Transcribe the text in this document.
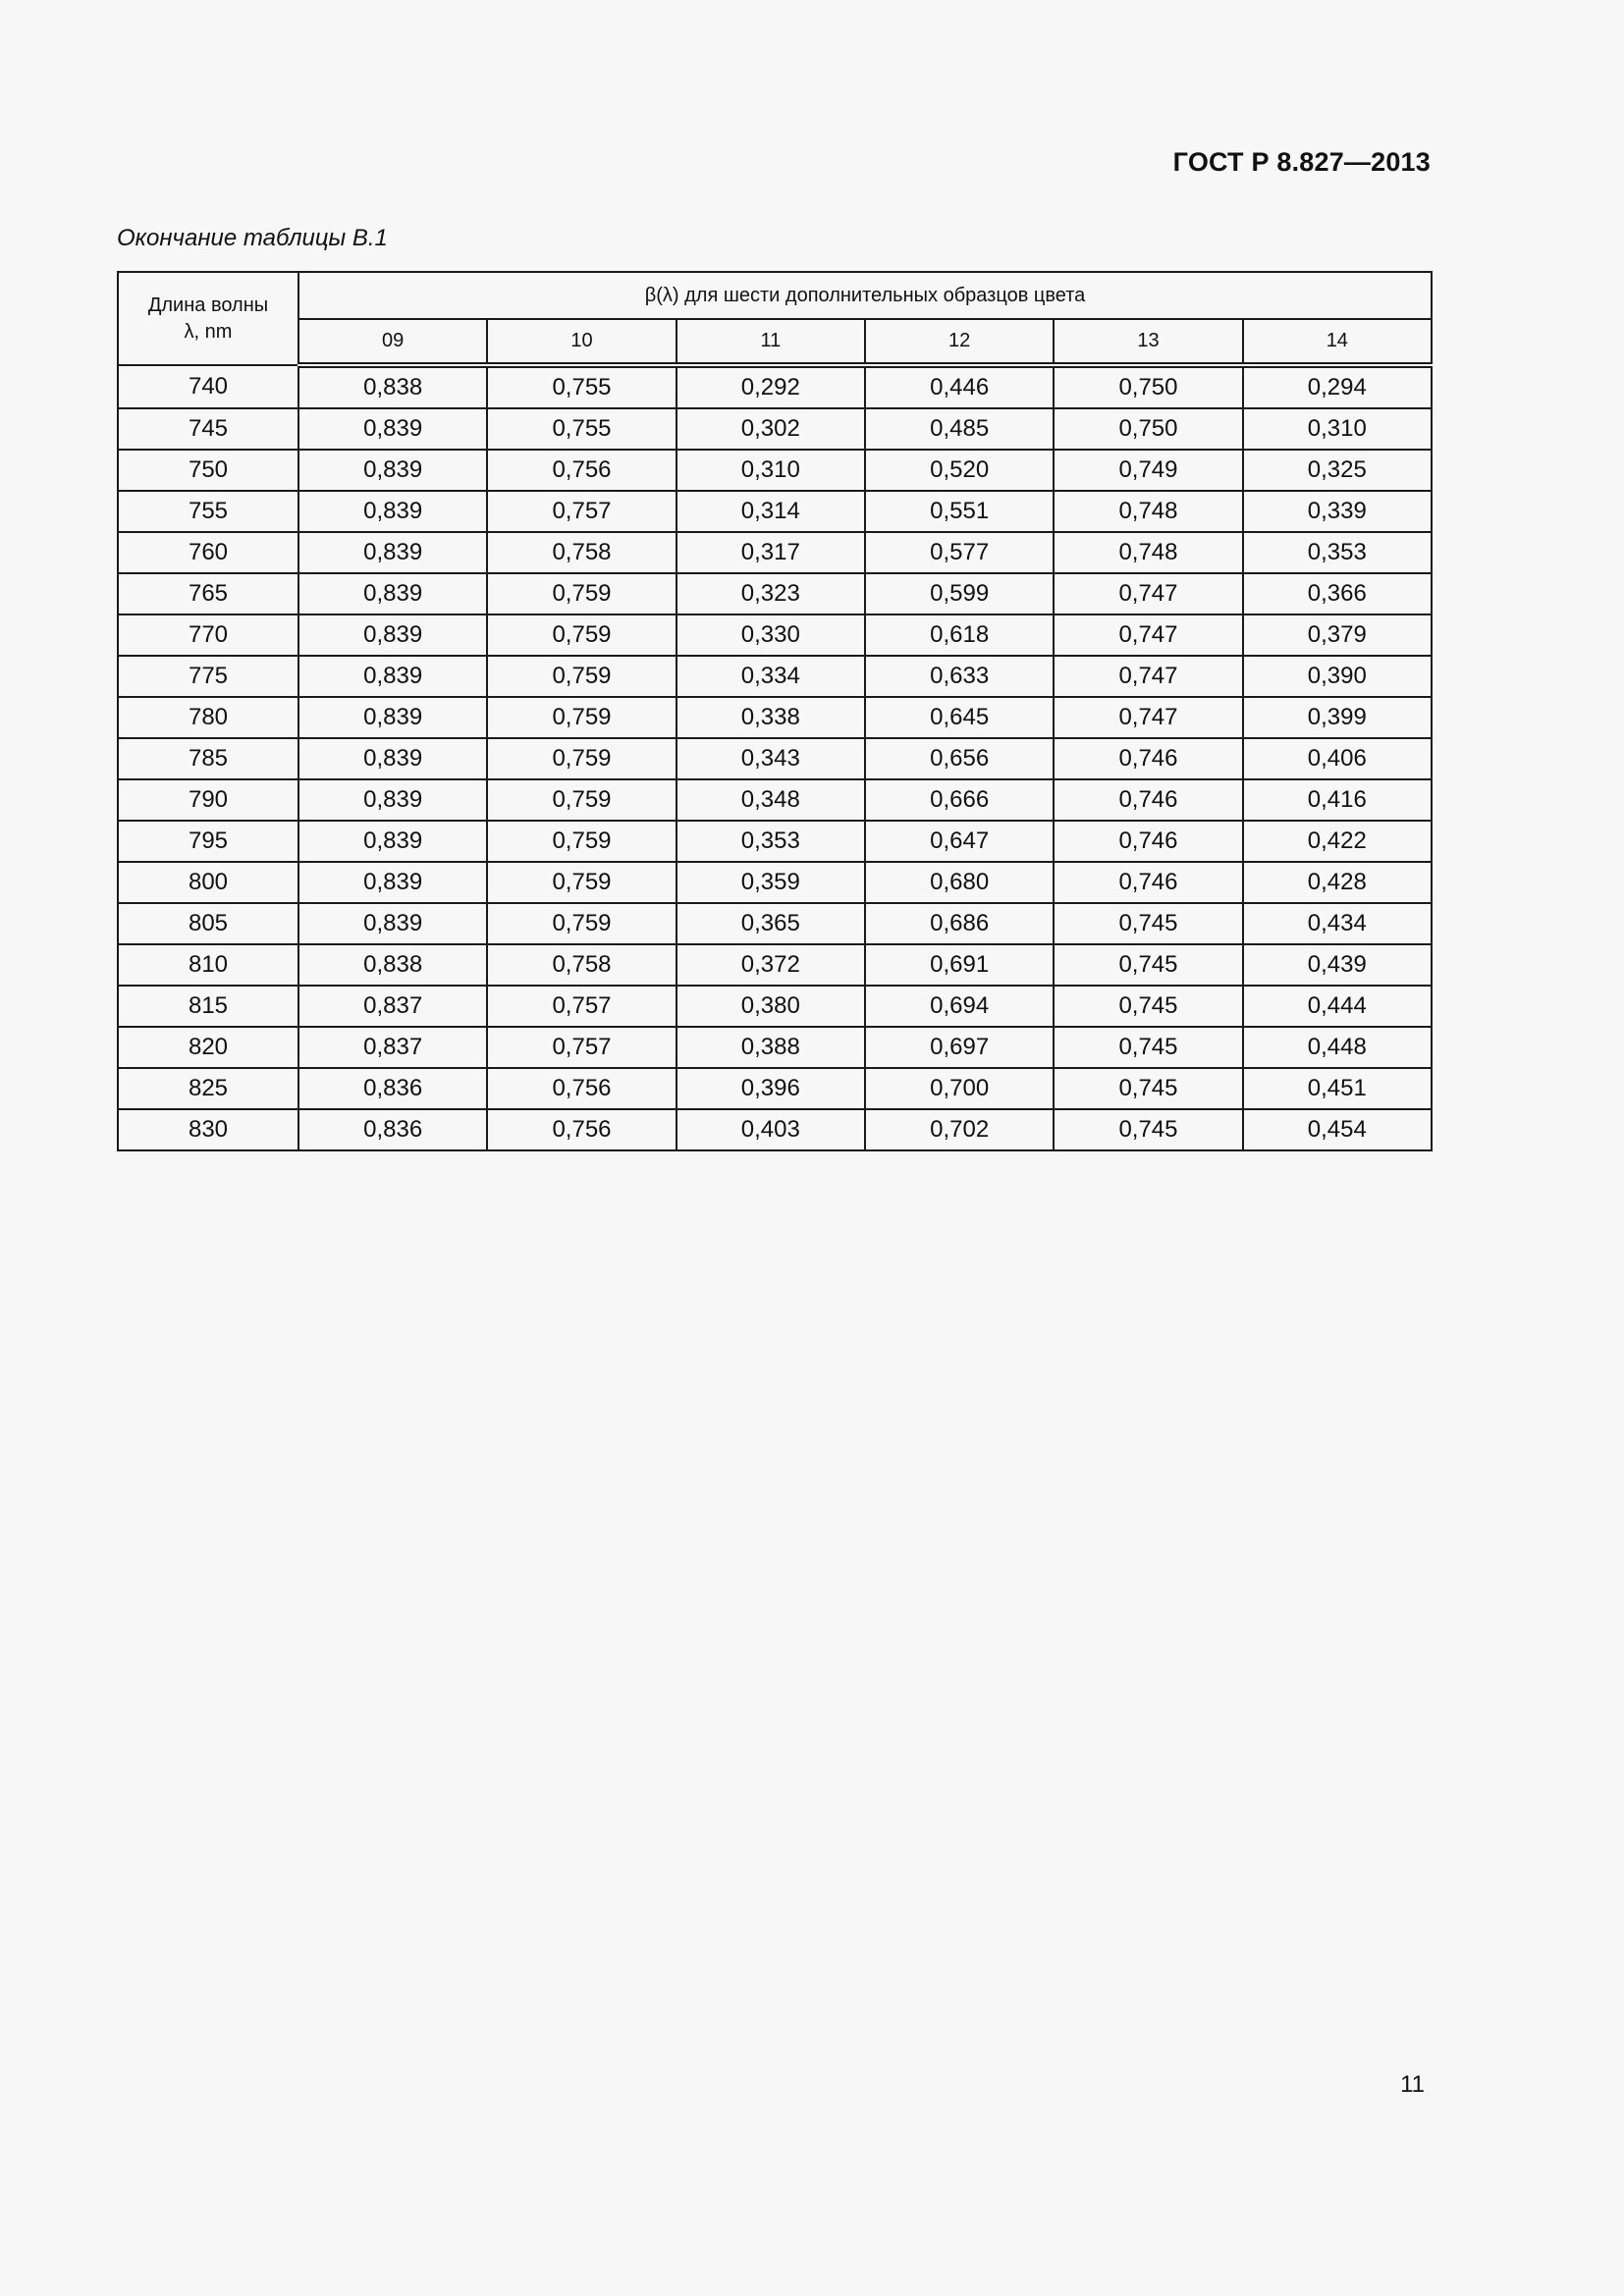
ГОСТ Р 8.827—2013
Окончание таблицы В.1
Длина волны
λ, nm	β(λ) для шести дополнительных образцов цвета					
	09	10	11	12	13	14
740	0,838	0,755	0,292	0,446	0,750	0,294
745	0,839	0,755	0,302	0,485	0,750	0,310
750	0,839	0,756	0,310	0,520	0,749	0,325
755	0,839	0,757	0,314	0,551	0,748	0,339
760	0,839	0,758	0,317	0,577	0,748	0,353
765	0,839	0,759	0,323	0,599	0,747	0,366
770	0,839	0,759	0,330	0,618	0,747	0,379
775	0,839	0,759	0,334	0,633	0,747	0,390
780	0,839	0,759	0,338	0,645	0,747	0,399
785	0,839	0,759	0,343	0,656	0,746	0,406
790	0,839	0,759	0,348	0,666	0,746	0,416
795	0,839	0,759	0,353	0,647	0,746	0,422
800	0,839	0,759	0,359	0,680	0,746	0,428
805	0,839	0,759	0,365	0,686	0,745	0,434
810	0,838	0,758	0,372	0,691	0,745	0,439
815	0,837	0,757	0,380	0,694	0,745	0,444
820	0,837	0,757	0,388	0,697	0,745	0,448
825	0,836	0,756	0,396	0,700	0,745	0,451
830	0,836	0,756	0,403	0,702	0,745	0,454
11
